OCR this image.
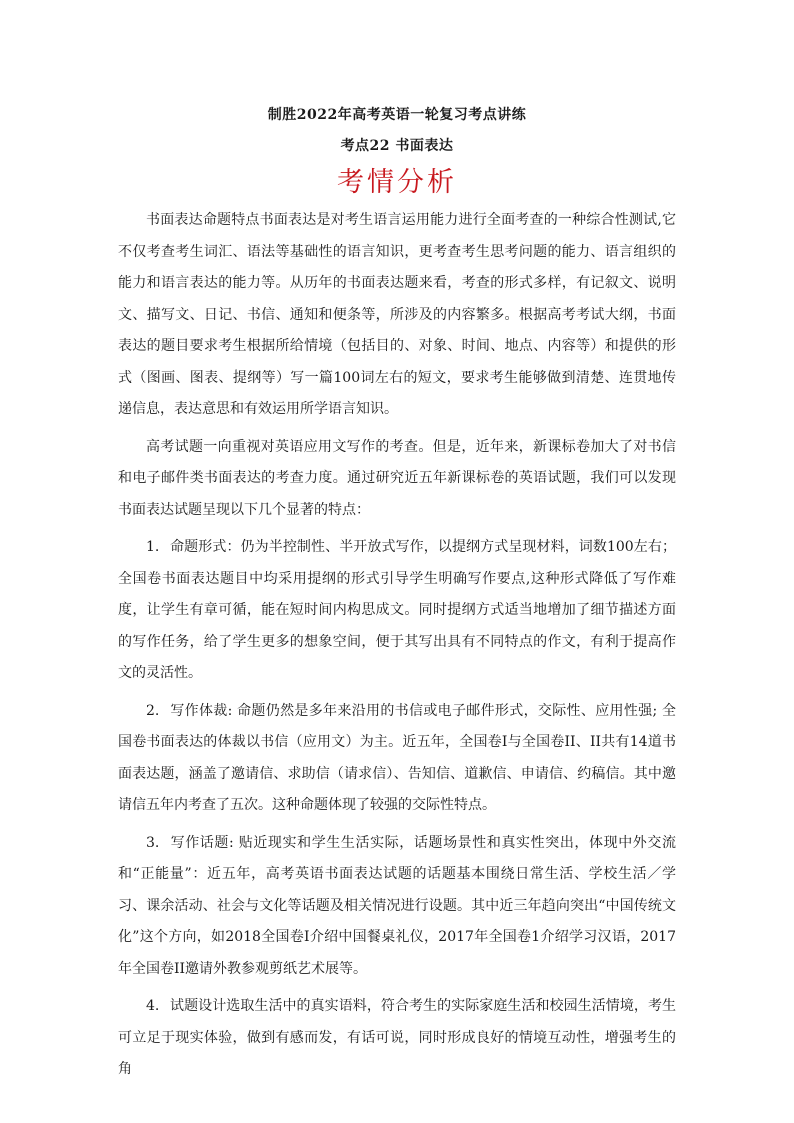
制胜2022年高考英语一轮复习考点讲练
考点22 书面表达
考情分析

书面表达命题特点书面表达是对考生语言运用能力进行全面考查的一种综合性测试,它不仅考查考生词汇、语法等基础性的语言知识，更考查考生思考问题的能力、语言组织的能力和语言表达的能力等。从历年的书面表达题来看，考查的形式多样，有记叙文、说明文、描写文、日记、书信、通知和便条等，所涉及的内容繁多。根据高考考试大纲，书面表达的题目要求考生根据所给情境（包括目的、对象、时间、地点、内容等）和提供的形式（图画、图表、提纲等）写一篇100词左右的短文，要求考生能够做到清楚、连贯地传递信息，表达意思和有效运用所学语言知识。

高考试题一向重视对英语应用文写作的考查。但是，近年来，新课标卷加大了对书信和电子邮件类书面表达的考查力度。通过研究近五年新课标卷的英语试题，我们可以发现书面表达试题呈现以下几个显著的特点：

1. 命题形式：仍为半控制性、半开放式写作，以提纲方式呈现材料，词数100左右；全国卷书面表达题目中均采用提纲的形式引导学生明确写作要点,这种形式降低了写作难度，让学生有章可循，能在短时间内构思成文。同时提纲方式适当地增加了细节描述方面的写作任务，给了学生更多的想象空间，便于其写出具有不同特点的作文，有利于提高作文的灵活性。

2. 写作体裁: 命题仍然是多年来沿用的书信或电子邮件形式，交际性、应用性强; 全国卷书面表达的体裁以书信（应用文）为主。近五年，全国卷I与全国卷II、II共有14道书面表达题，涵盖了邀请信、求助信（请求信）、告知信、道歉信、申请信、约稿信。其中邀请信五年内考查了五次。这种命题体现了较强的交际性特点。

3. 写作话题: 贴近现实和学生生活实际，话题场景性和真实性突出，体现中外交流和“正能量”：近五年，高考英语书面表达试题的话题基本围绕日常生活、学校生活／学习、课余活动、社会与文化等话题及相关情况进行设题。其中近三年趋向突出“中国传统文化”这个方向，如2018全国卷I介绍中国餐桌礼仪，2017年全国卷1介绍学习汉语，2017年全国卷II邀请外教参观剪纸艺术展等。

4. 试题设计选取生活中的真实语料，符合考生的实际家庭生活和校园生活情境，考生可立足于现实体验，做到有感而发，有话可说，同时形成良好的情境互动性，增强考生的角
